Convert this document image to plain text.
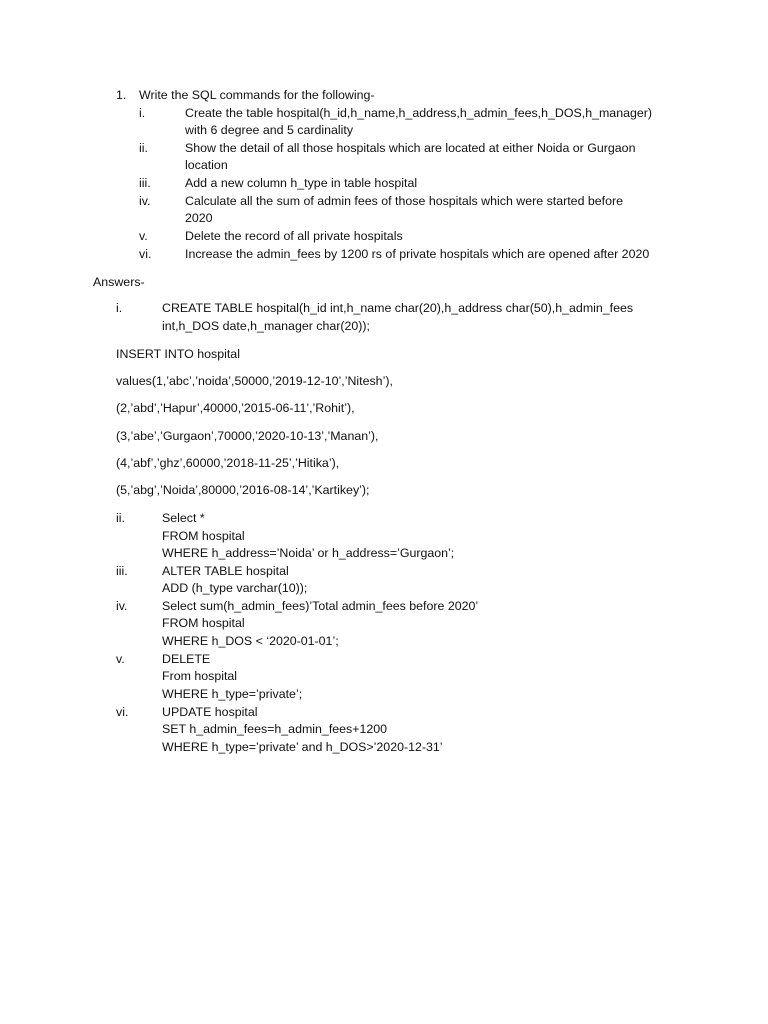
1. Write the SQL commands for the following-
i.	Create the table hospital(h_id,h_name,h_address,h_admin_fees,h_DOS,h_manager)
with 6 degree and 5 cardinality
ii.	Show the detail of all those hospitals which are located at either Noida or Gurgaon
location
iii.	Add a new column h_type in table hospital
iv.	Calculate all the sum of admin fees of those hospitals which were started before
2020
v.	Delete the record of all private hospitals
vi.	Increase the admin_fees by 1200 rs of private hospitals which are opened after 2020
Answers-
i.	CREATE TABLE hospital(h_id int,h_name char(20),h_address char(50),h_admin_fees
int,h_DOS date,h_manager char(20));
INSERT INTO hospital
values(1,’abc’,’noida’,50000,’2019-12-10’,’Nitesh’),
(2,’abd’,’Hapur’,40000,’2015-06-11’,’Rohit’),
(3,’abe’,’Gurgaon’,70000,’2020-10-13’,’Manan’),
(4,’abf’,’ghz’,60000,’2018-11-25’,’Hitika’),
(5,’abg’,’Noida’,80000,’2016-08-14’,’Kartikey’);
ii.	Select *
FROM hospital
WHERE h_address=’Noida’ or h_address=’Gurgaon’;
iii.	ALTER TABLE hospital
ADD (h_type varchar(10));
iv.	Select sum(h_admin_fees)’Total admin_fees before 2020’
FROM hospital
WHERE h_DOS < ‘2020-01-01’;
v.	DELETE
From hospital
WHERE h_type=’private’;
vi.	UPDATE hospital
SET h_admin_fees=h_admin_fees+1200
WHERE h_type=’private’ and h_DOS>’2020-12-31’
